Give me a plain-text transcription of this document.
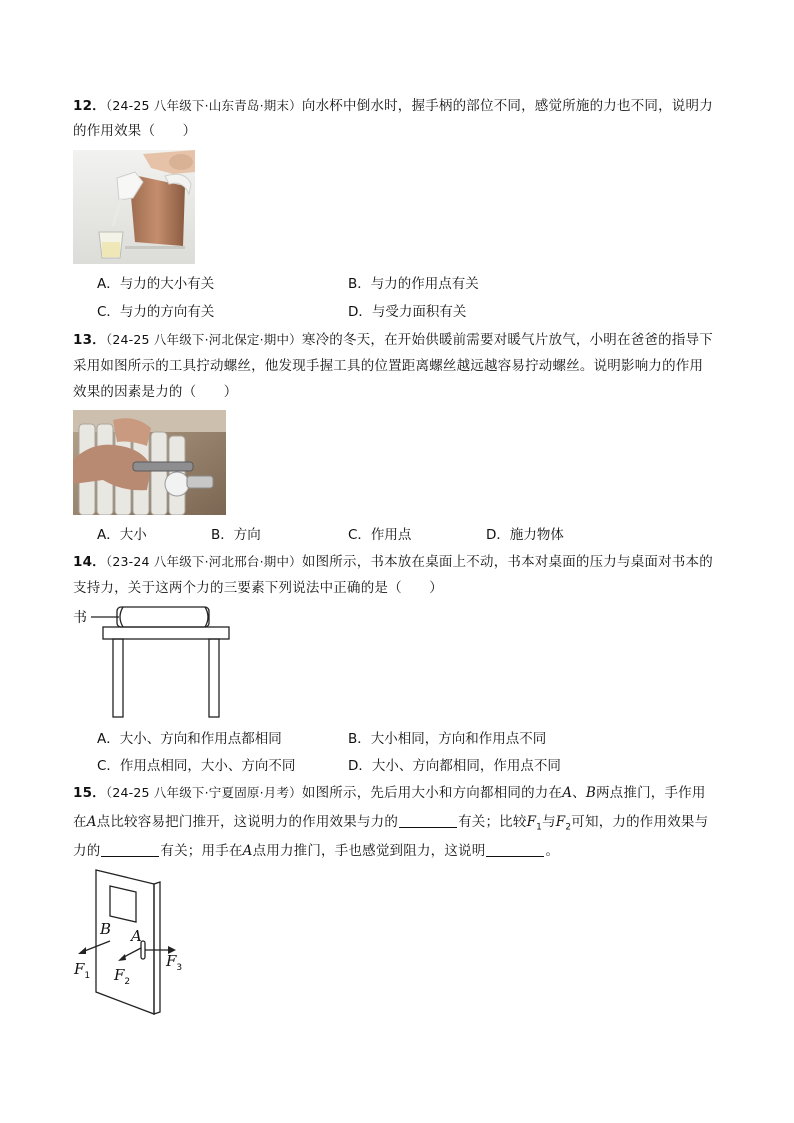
12．（24-25 八年级下·山东青岛·期末）向水杯中倒水时，握手柄的部位不同，感觉所施的力也不同，说明力
的作用效果（　　）
A．与力的大小有关	B．与力的作用点有关
C．与力的方向有关	D．与受力面积有关
13．（24-25 八年级下·河北保定·期中）寒冷的冬天，在开始供暖前需要对暖气片放气，小明在爸爸的指导下
采用如图所示的工具拧动螺丝，他发现手握工具的位置距离螺丝越远越容易拧动螺丝。说明影响力的作用
效果的因素是力的（　　）
A．大小	B．方向	C．作用点	D．施力物体
14．（23-24 八年级下·河北邢台·期中）如图所示，书本放在桌面上不动，书本对桌面的压力与桌面对书本的
支持力，关于这两个力的三要素下列说法中正确的是（　　）
书
A．大小、方向和作用点都相同	B．大小相同，方向和作用点不同
C．作用点相同，大小、方向不同	D．大小、方向都相同，作用点不同
15．（24-25 八年级下·宁夏固原·月考）如图所示，先后用大小和方向都相同的力在A、B两点推门，手作用
在A点比较容易把门推开，这说明力的作用效果与力的	有关；比较$F_1$与$F_2$可知，力的作用效果与
力的	有关；用手在A点用力推门，手也感觉到阻力，这说明	。
B A
$F_1$ $F_2$
$F_3$
